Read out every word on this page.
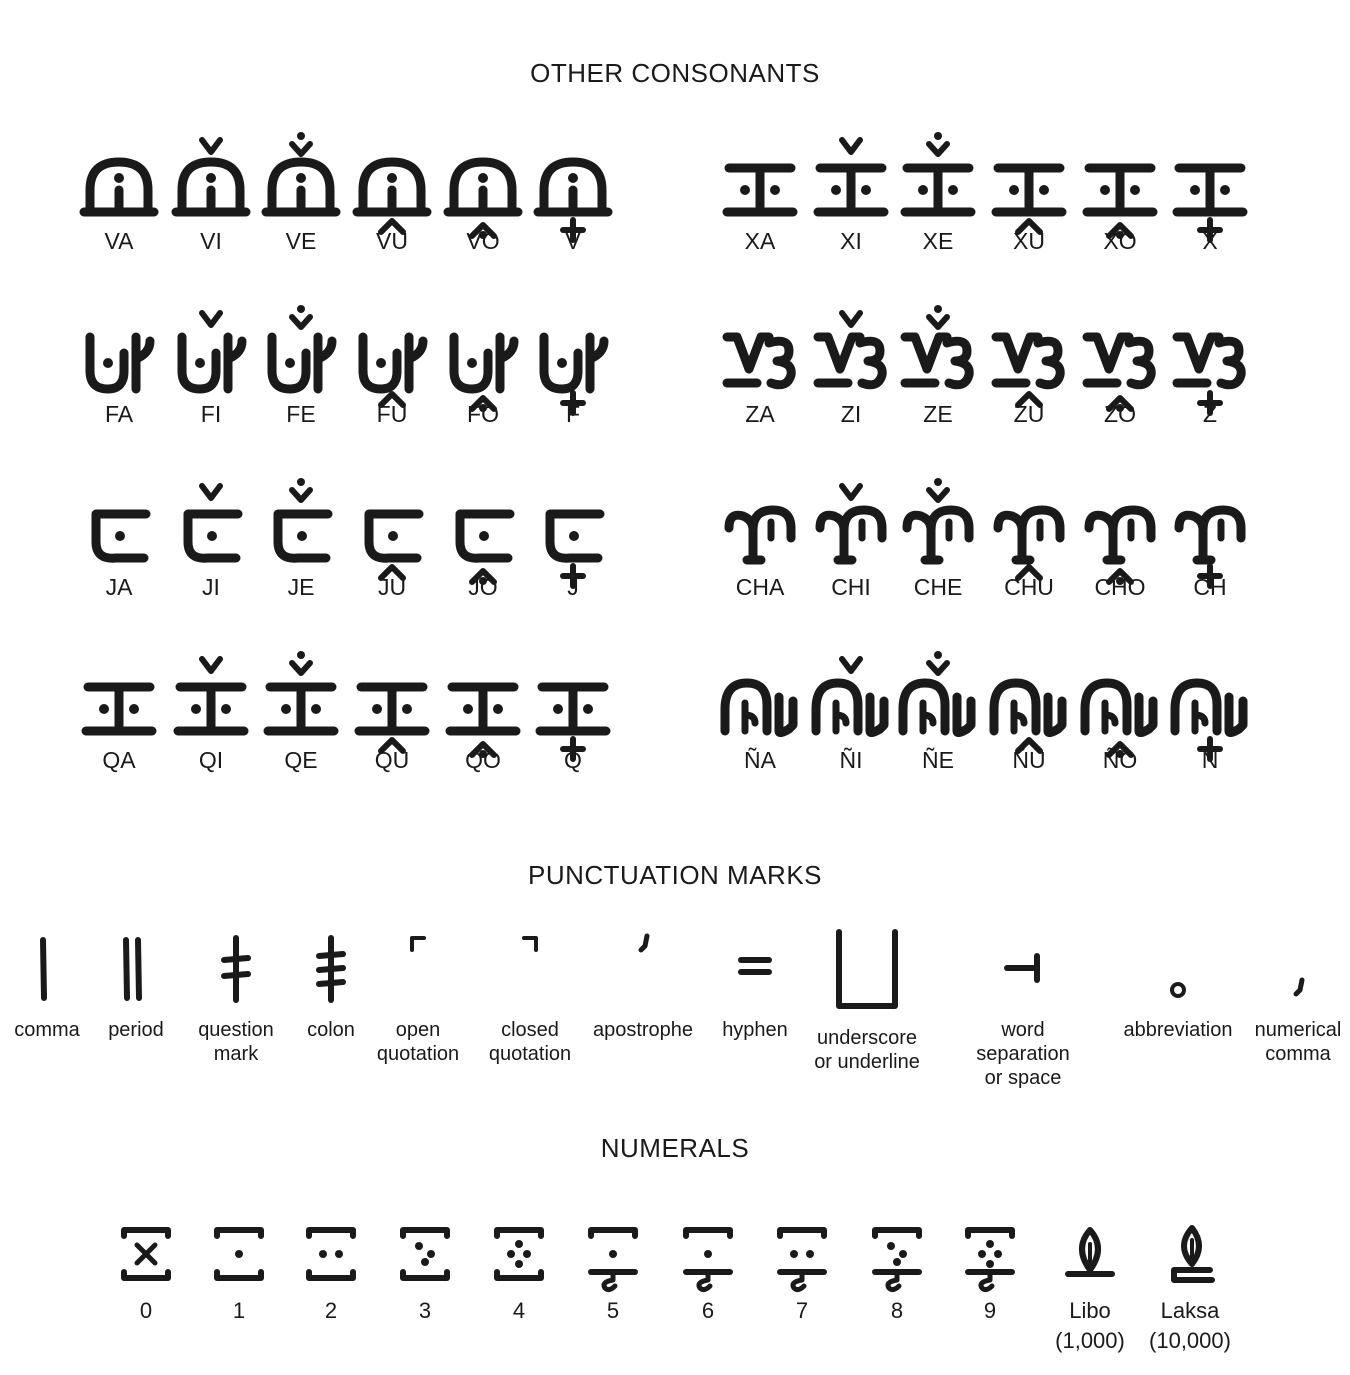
OTHER CONSONANTS
PUNCTUATION MARKS
NUMERALS
VA	VI	VE	VU	VO	V	XA	XI	XE	XU	XO	X
FA	FI	FE	FU	FO	F	ZA	ZI	ZE	ZU	ZO	Z
JA	JI	JE	JU	JO	J	CHA	CHI	CHE	CHU	CHO	CH
QA	QI	QE	QU	QO	Q	ÑA	ÑI	ÑE	ÑU	ÑO	Ñ
comma	period	question
mark
colon	open
quotation
closed
quotation
apostrophe	hyphen	underscore
or underline
word separation
or space
abbreviation	numerical
comma
0	1	2	3	4	5	6	7	8	9	Libo
(1,000)
Laksa
(10,000)
